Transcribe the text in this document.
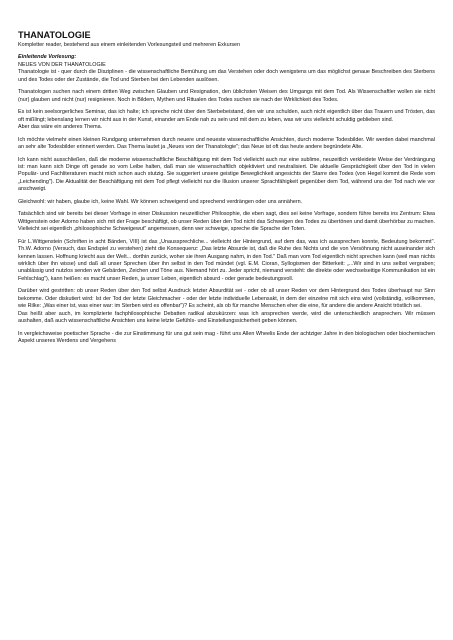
THANATOLOGIE

Kompletter reader, bestehend aus einem einleitenden Vorlesungsteil und mehreren Exkursen

Einleitende Vorlesung:

NEUES VON DER THANATOLOGIE

Thanatologie ist - quer durch die Disziplinen - die wissenschaftliche Bemühung um das Verstehen oder doch wenigstens um das möglichst genaue Beschreiben des Sterbens und des Todes oder der Zustände, die Tod und Sterben bei den Lebenden auslösen.

Thanatologen suchen nach einem dritten Weg zwischen Glauben und Resignation, den üblichsten Weisen des Umgangs mit dem Tod. Als Wissenschaftler wollen sie nicht (nur) glauben und nicht (nur) resignieren. Noch in Bildern, Mythen und Ritualen des Todes suchen sie nach der Wirklichkeit des Todes.

Es ist kein seelsorgerliches Seminar, das ich halte; ich spreche nicht über den Sterbebeistand, den wir uns schulden, auch nicht eigentlich über das Trauern und Trösten, das oft mißlingt; lebenslang lernen wir nicht aus in der Kunst, einander am Ende nah zu sein und mit dem zu leben, was wir uns vielleicht schuldig geblieben sind.
Aber das wäre ein anderes Thema.

Ich möchte vielmehr einen kleinen Rundgang unternehmen durch neuere und neueste wissenschaftliche Ansichten, durch moderne Todesbilder. Wir werden dabei manchmal an sehr alte Todesbilder erinnert werden. Das Thema lautet ja „Neues von der Thanatologie"; das Neue ist oft das heute andere begründete Alte.

Ich kann nicht ausschließen, daß die moderne wissenschaftliche Beschäftigung mit dem Tod vielleicht auch nur eine sublime, neuzeitlich verkleidete Weise der Verdrängung ist: man kann sich Dinge oft gerade so vom Leibe halten, daß man sie wissenschaftlich objektiviert und neutralisiert. Die aktuelle Gesprächigkeit über den Tod in vielen Populär- und Fachliteraturen macht mich schon auch stutzig. Sie suggeriert unsere geistige Beweglichkeit angesichts der Starre des Todes (von Hegel kommt die Rede vom „Leichending"). Die Aktualität der Beschäftigung mit dem Tod pflegt vielleicht nur die Illusion unserer Sprachfähigkeit gegenüber dem Tod, während uns der Tod nach wie vor anschweigt.

Gleichwohl: wir haben, glaube ich, keine Wahl. Wir können schweigend und sprechend verdrängen oder uns annähern.

Tatsächlich sind wir bereits bei dieser Vorfrage in einer Diskussion neuzeitlicher Philosophie, die eben sagt, dies sei keine Vorfrage, sondern führe bereits ins Zentrum: Etwa Wittgenstein oder Adorno haben sich mit der Frage beschäftigt, ob unser Reden über den Tod nicht das Schweigen des Todes zu übertönen und damit überhörbar zu machen. Vielleicht sei eigentlich „philosophische Schweigewut" angemessen, denn wer schweige, spreche die Sprache der Toten.

Für L.Wittgenstein (Schriften in acht Bänden, VIII) ist das „Unaussprechliche... vielleicht der Hintergrund, auf dem das, was ich aussprechen konnte, Bedeutung bekommt". Th.W. Adorno (Versuch, das Endspiel zu verstehen) zieht die Konsequenz: „Das letzte Absurde ist, daß die Ruhe des Nichts und die von Versöhnung nicht auseinander sich kennen lassen. Hoffnung kriecht aus der Welt... dorthin zurück, woher sie ihren Ausgang nahm, in den Tod." Daß man vom Tod eigentlich nicht sprechen kann (weil man nichts wirklich über ihn wisse) und daß all unser Sprechen über ihn selbst in den Tod mündet (vgl. E.M. Cioran, Syllogismen der Bitterkeit: „...Wir sind in uns selbst vergraben; unablässig und nutzlos senden wir Gebärden, Zeichen und Töne aus. Niemand hört zu. Jeder spricht, niemand versteht: die direkte oder wechselseitige Kommunikation ist ein Fehlschlag"), kann heißen: es macht unser Reden, ja unser Leben, eigentlich absurd - oder gerade bedeutungsvoll.

Darüber wird gestritten: ob unser Reden über den Tod selbst Ausdruck letzter Absurdität sei - oder ob all unser Reden vor dem Hintergrund des Todes überhaupt nur Sinn bekomme. Oder diskutiert wird: Ist der Tod der letzte Gleichmacher - oder der letzte individuelle Lebensakt, in dem der einzelne mit sich eins wird (vollständig, vollkommen, wie Rilke: „Was einer ist, was einer war: im Sterben wird es offenbar")? Es scheint, als ob für manche Menschen eher die eine, für andere die andere Ansicht tröstlich sei.
Das heißt aber auch, im komplizierte fachphilosophische Debatten radikal abzukürzen: was ich ansprechen werde, wird die unterschiedlich ansprechen. Wir müssen aushalten, daß auch wissenschaftliche Ansichten uns keine letzte Gefühls- und Einstellungssicherheit geben können.

In vergleichsweise poetischer Sprache - die zur Einstimmung für uns gut sein mag - führt uns Allen Wheelis Ende der achtziger Jahre in den biologischen oder biochemischen Aspekt unseres Werdens und Vergehens
